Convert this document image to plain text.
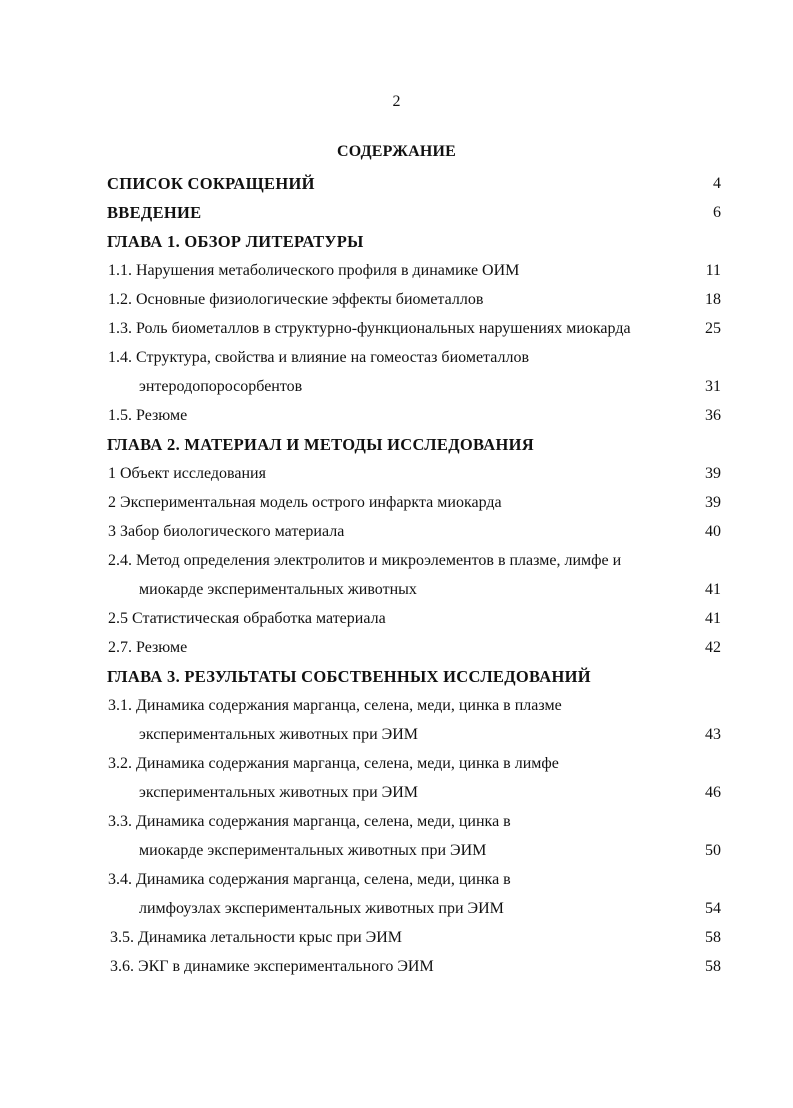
2
СОДЕРЖАНИЕ
СПИСОК СОКРАЩЕНИЙ	4
ВВЕДЕНИЕ	6
ГЛАВА 1. ОБЗОР ЛИТЕРАТУРЫ
1.1. Нарушения метаболического профиля в динамике ОИМ	11
1.2. Основные физиологические эффекты биометаллов	18
1.3. Роль биометаллов в структурно-функциональных нарушениях миокарда	25
1.4. Структура, свойства и влияние на гомеостаз биометаллов
энтеродопоросорбентов	31
1.5. Резюме	36
ГЛАВА 2. МАТЕРИАЛ И МЕТОДЫ ИССЛЕДОВАНИЯ
1 Объект исследования	39
2 Экспериментальная модель острого инфаркта миокарда	39
3 Забор биологического материала	40
2.4. Метод определения электролитов и микроэлементов в плазме, лимфе и
миокарде экспериментальных животных	41
2.5 Статистическая обработка материала	41
2.7. Резюме	42
ГЛАВА 3. РЕЗУЛЬТАТЫ СОБСТВЕННЫХ ИССЛЕДОВАНИЙ
3.1. Динамика содержания марганца, селена, меди, цинка в плазме
экспериментальных животных при ЭИМ	43
3.2. Динамика содержания марганца, селена, меди, цинка в лимфе
экспериментальных животных при ЭИМ	46
3.3. Динамика содержания марганца, селена, меди, цинка в
миокарде экспериментальных животных при ЭИМ	50
3.4. Динамика содержания марганца, селена, меди, цинка в
лимфоузлах экспериментальных животных при ЭИМ	54
3.5. Динамика летальности крыс при ЭИМ	58
3.6. ЭКГ в динамике экспериментального ЭИМ	58
